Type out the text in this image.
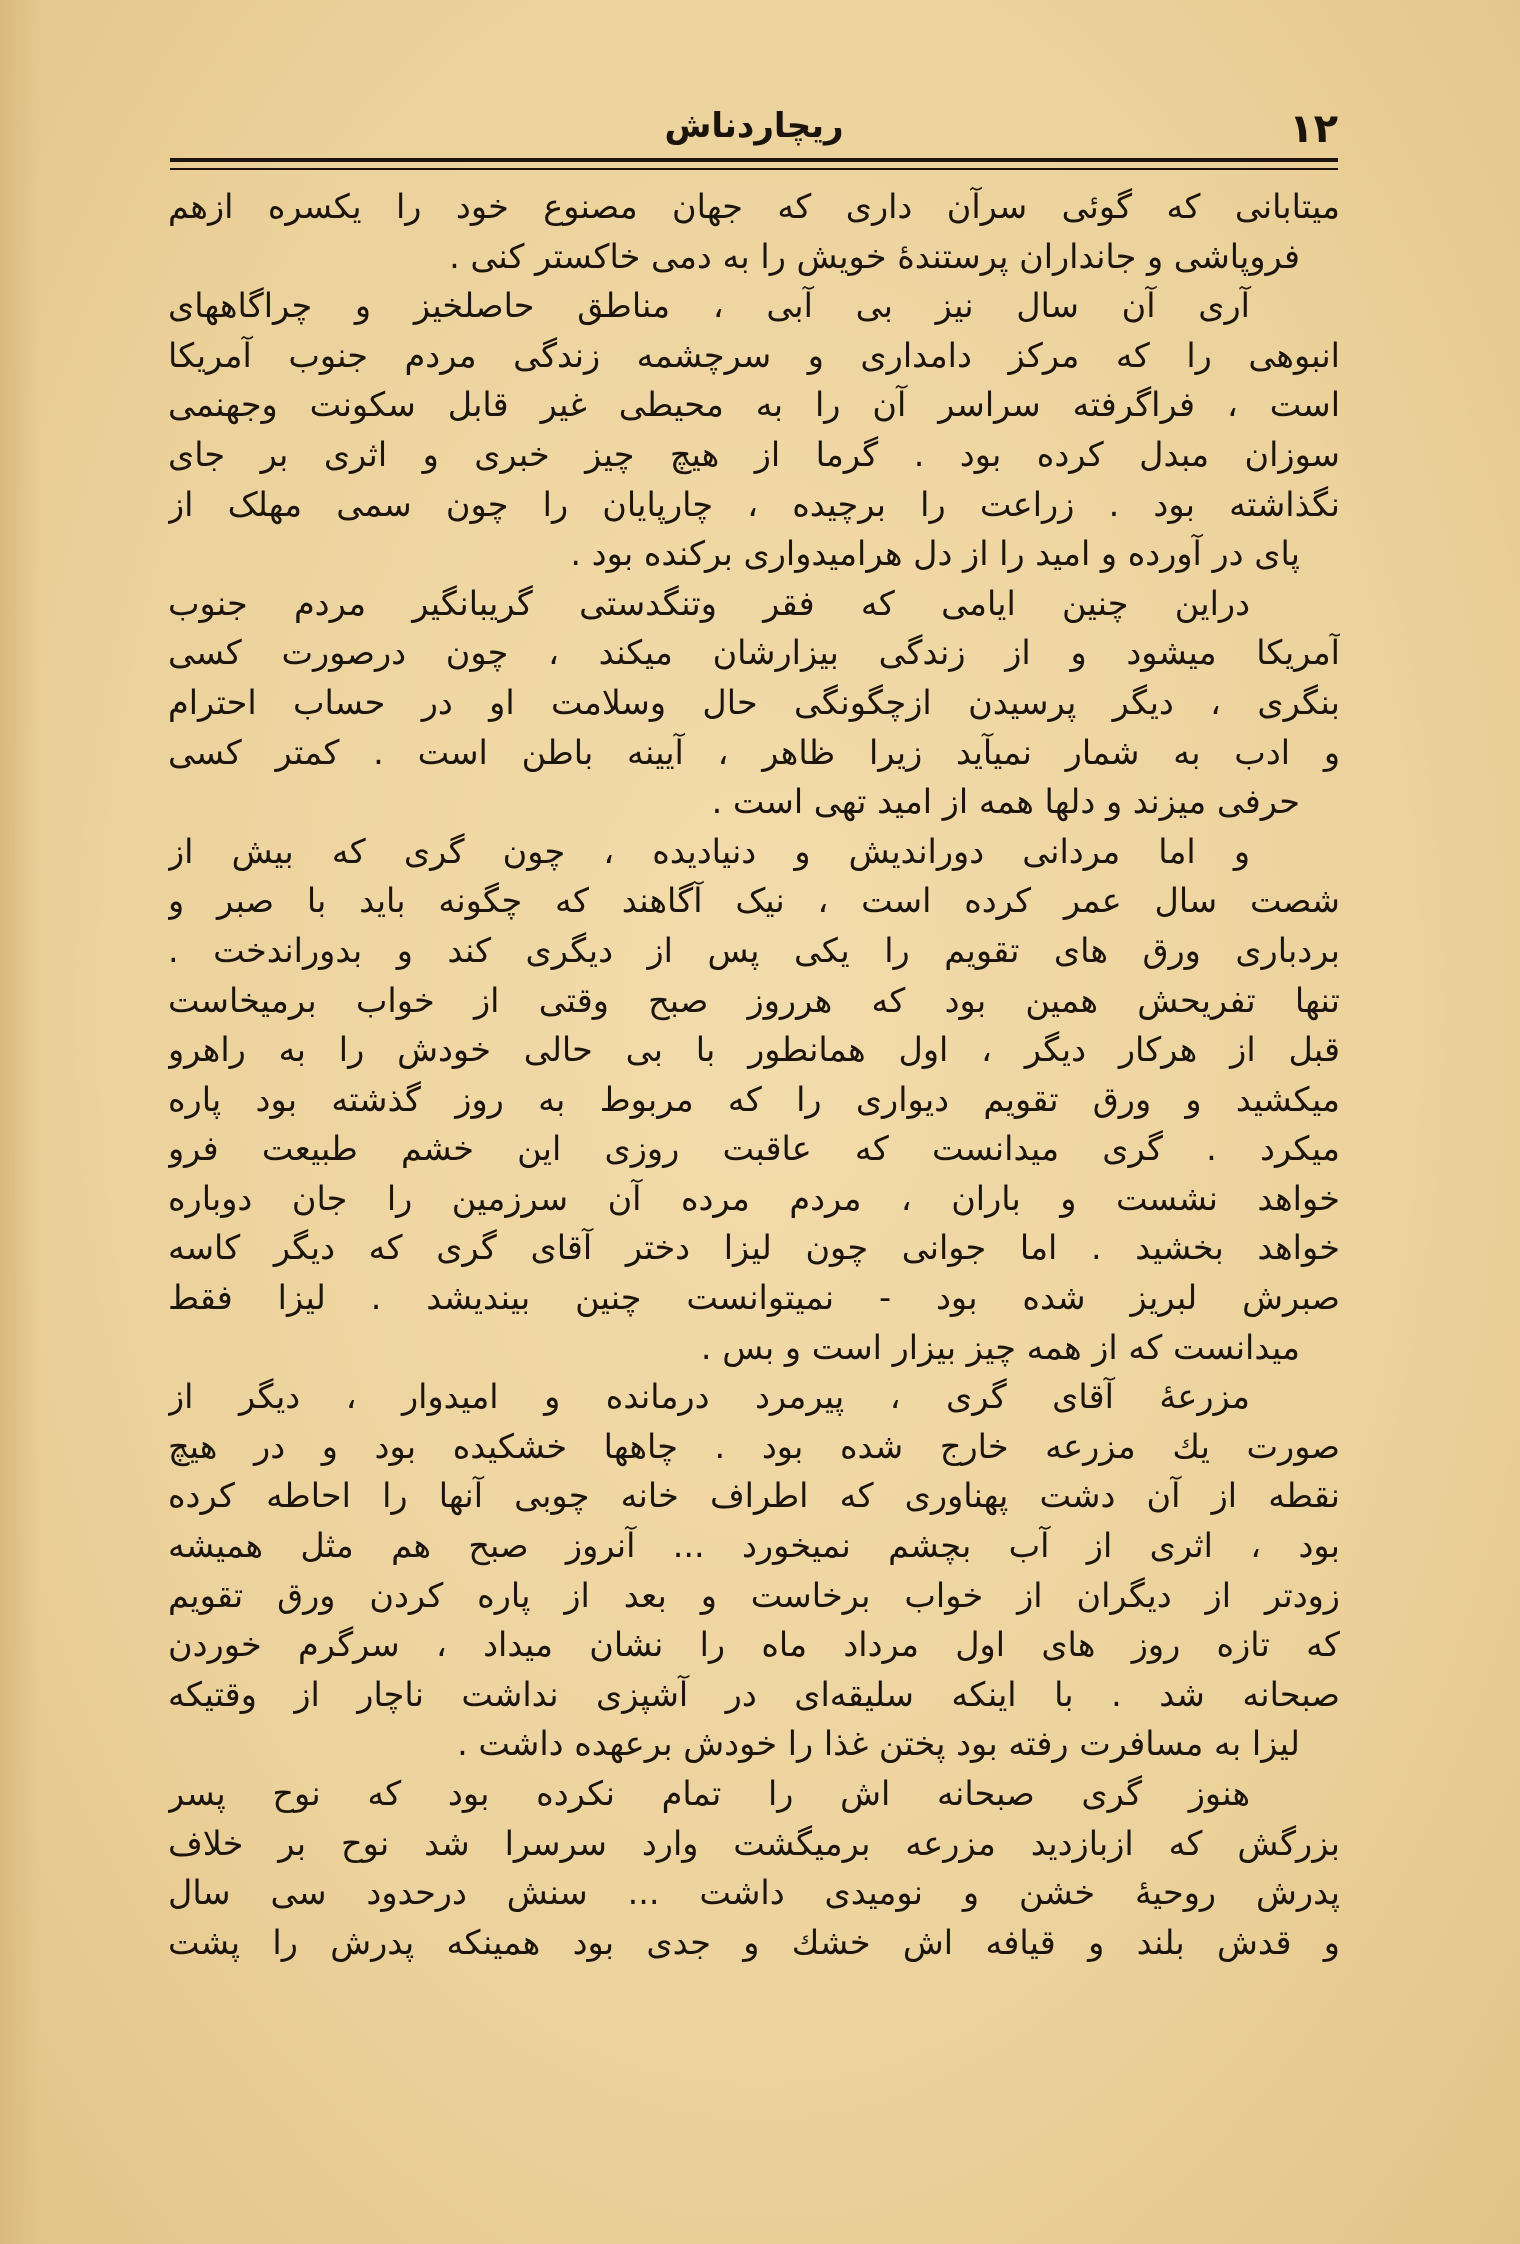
۱۲
ریچاردناش
میتابانی که گوئی سرآن داری که جهان مصنوع خود را یکسره ازهم
فروپاشی و جانداران پرستندهٔ خویش را به دمی خاکستر کنی .
آری آن سال نیز بی آبی ، مناطق حاصلخیز و چراگاههای
انبوهی را که مرکز دامداری و سرچشمه زندگی مردم جنوب آمریکا
است ، فراگرفته سراسر آن را به محیطی غیر قابل سکونت وجهنمی
سوزان مبدل کرده بود . گرما از هیچ چیز خبری و اثری بر جای
نگذاشته بود . زراعت را برچیده ، چارپایان را چون سمی مهلک از
پای در آورده و امید را از دل هرامیدواری برکنده بود .
دراین چنین ایامی که فقر وتنگدستی گریبانگیر مردم جنوب
آمریکا میشود و از زندگی بیزارشان میکند ، چون درصورت کسی
بنگری ، دیگر پرسیدن ازچگونگی حال وسلامت او در حساب احترام
و ادب به شمار نمیآید زیرا ظاهر ، آیینه باطن است . کمتر کسی
حرفی میزند و دلها همه از امید تهی است .
و اما مردانی دوراندیش و دنیادیده ، چون گری که بیش از
شصت سال عمر کرده است ، نیک آگاهند که چگونه باید با صبر و
بردباری ورق های تقویم را یکی پس از دیگری کند و بدوراندخت .
تنها تفریحش همین بود که هرروز صبح وقتی از خواب برمیخاست
قبل از هرکار دیگر ، اول همانطور با بی حالی خودش را به راهرو
میکشید و ورق تقویم دیواری را که مربوط به روز گذشته بود پاره
میکرد . گری میدانست که عاقبت روزی این خشم طبیعت فرو
خواهد نشست و باران ، مردم مرده آن سرزمین را جان دوباره
خواهد بخشید . اما جوانی چون لیزا دختر آقای گری که دیگر کاسه
صبرش لبریز شده بود - نمیتوانست چنین بیندیشد . لیزا فقط
میدانست که از همه چیز بیزار است و بس .
مزرعهٔ آقای گری ، پیرمرد درمانده و امیدوار ، دیگر از
صورت یك مزرعه خارج شده بود . چاهها خشکیده بود و در هیچ
نقطه از آن دشت پهناوری که اطراف خانه چوبی آنها را احاطه کرده
بود ، اثری از آب بچشم نمیخورد ... آنروز صبح هم مثل همیشه
زودتر از دیگران از خواب برخاست و بعد از پاره کردن ورق تقویم
که تازه روز های اول مرداد ماه را نشان میداد ، سرگرم خوردن
صبحانه شد . با اینکه سلیقه‌ای در آشپزی نداشت ناچار از وقتیکه
لیزا به مسافرت رفته بود پختن غذا را خودش برعهده داشت .
هنوز گری صبحانه اش را تمام نکرده بود که نوح پسر
بزرگش که ازبازدید مزرعه برمیگشت وارد سرسرا شد نوح بر خلاف
پدرش روحیهٔ خشن و نومیدی داشت ... سنش درحدود سی سال
و قدش بلند و قیافه اش خشك و جدی بود همینکه پدرش را پشت
